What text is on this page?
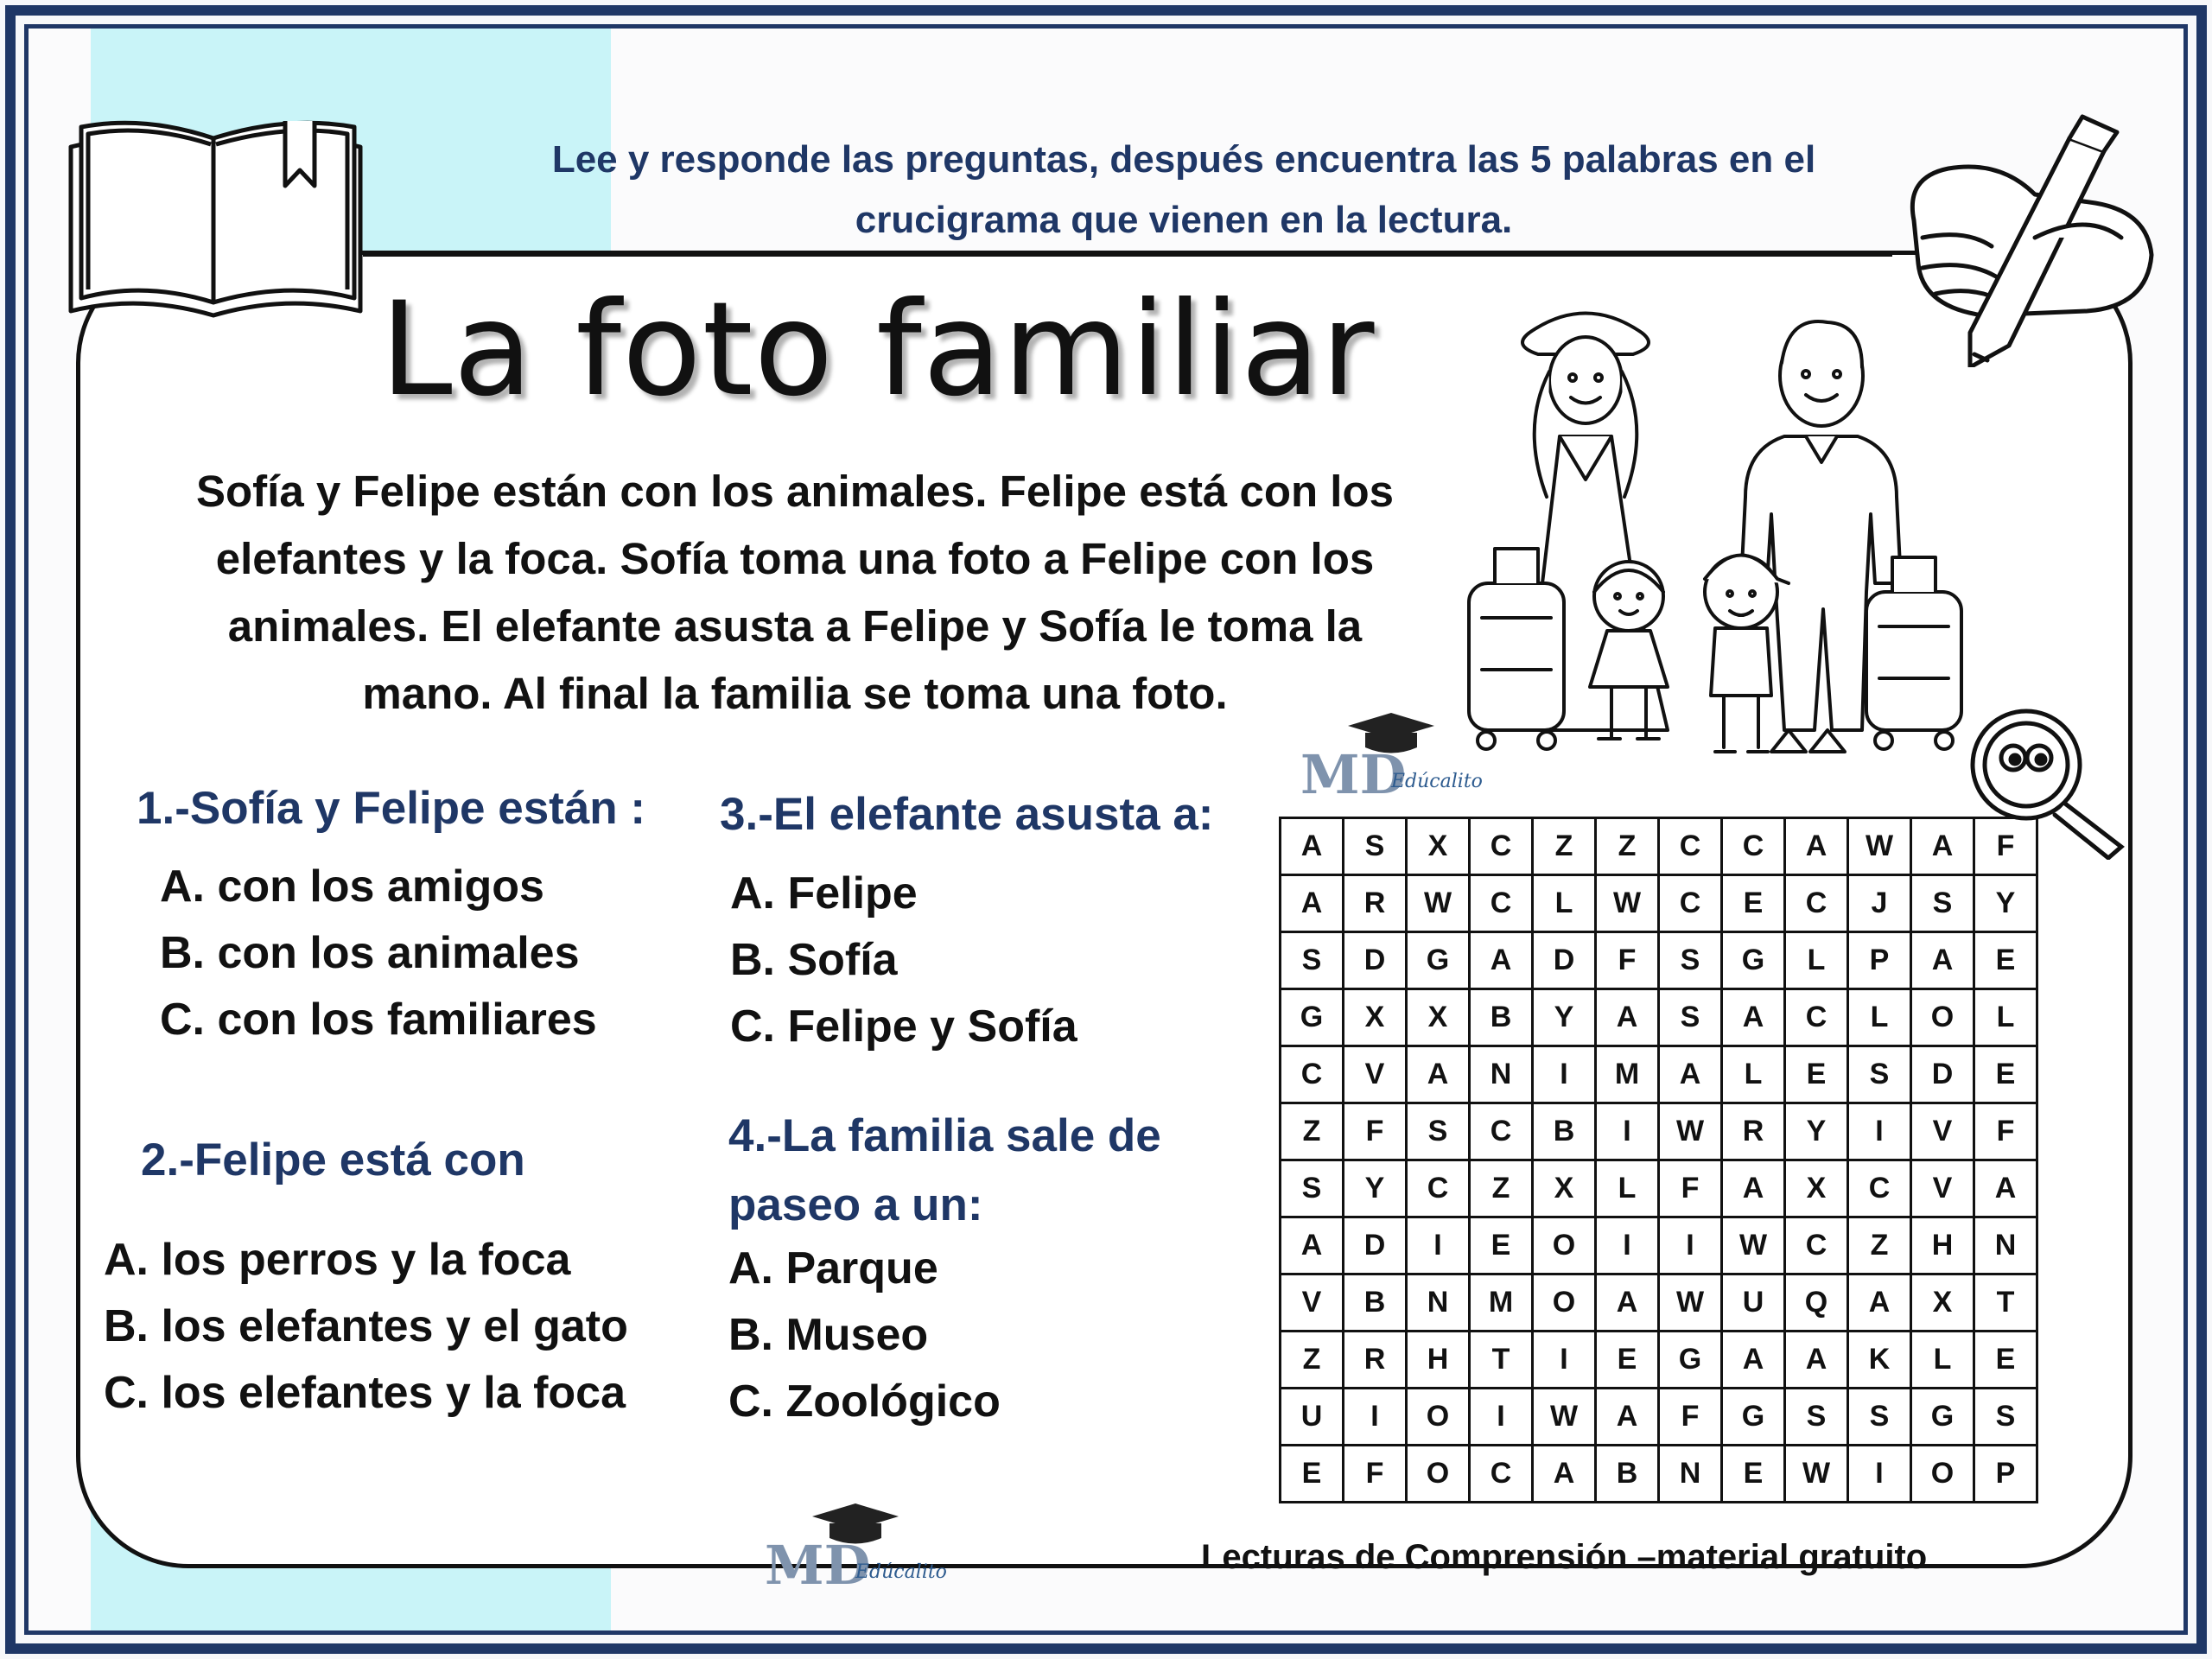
Lee y responde las preguntas, después encuentra las 5 palabras en el
crucigrama que vienen en la lectura.
La foto familiar
Sofía y Felipe están con los animales. Felipe está con los
elefantes y la foca. Sofía toma una foto a Felipe con los
animales. El elefante asusta a Felipe y Sofía le toma la
mano. Al final la familia se toma una foto.
MD
Edúcalito
1.-Sofía y Felipe están :
A. con los amigos
B. con los animales
C. con los familiares
2.-Felipe está con
A. los perros y la foca
B. los elefantes y el gato
C. los elefantes y la foca
3.-El elefante asusta a:
A. Felipe
B. Sofía
C. Felipe y Sofía
4.-La familia sale de
paseo a un:
A. Parque
B. Museo
C. Zoológico
A	S	X	C	Z	Z	C	C	A	W	A	F
A	R	W	C	L	W	C	E	C	J	S	Y
S	D	G	A	D	F	S	G	L	P	A	E
G	X	X	B	Y	A	S	A	C	L	O	L
C	V	A	N	I	M	A	L	E	S	D	E
Z	F	S	C	B	I	W	R	Y	I	V	F
S	Y	C	Z	X	L	F	A	X	C	V	A
A	D	I	E	O	I	I	W	C	Z	H	N
V	B	N	M	O	A	W	U	Q	A	X	T
Z	R	H	T	I	E	G	A	A	K	L	E
U	I	O	I	W	A	F	G	S	S	G	S
E	F	O	C	A	B	N	E	W	I	O	P
MD
Edúcalito	Lecturas de Comprensión –material gratuito
